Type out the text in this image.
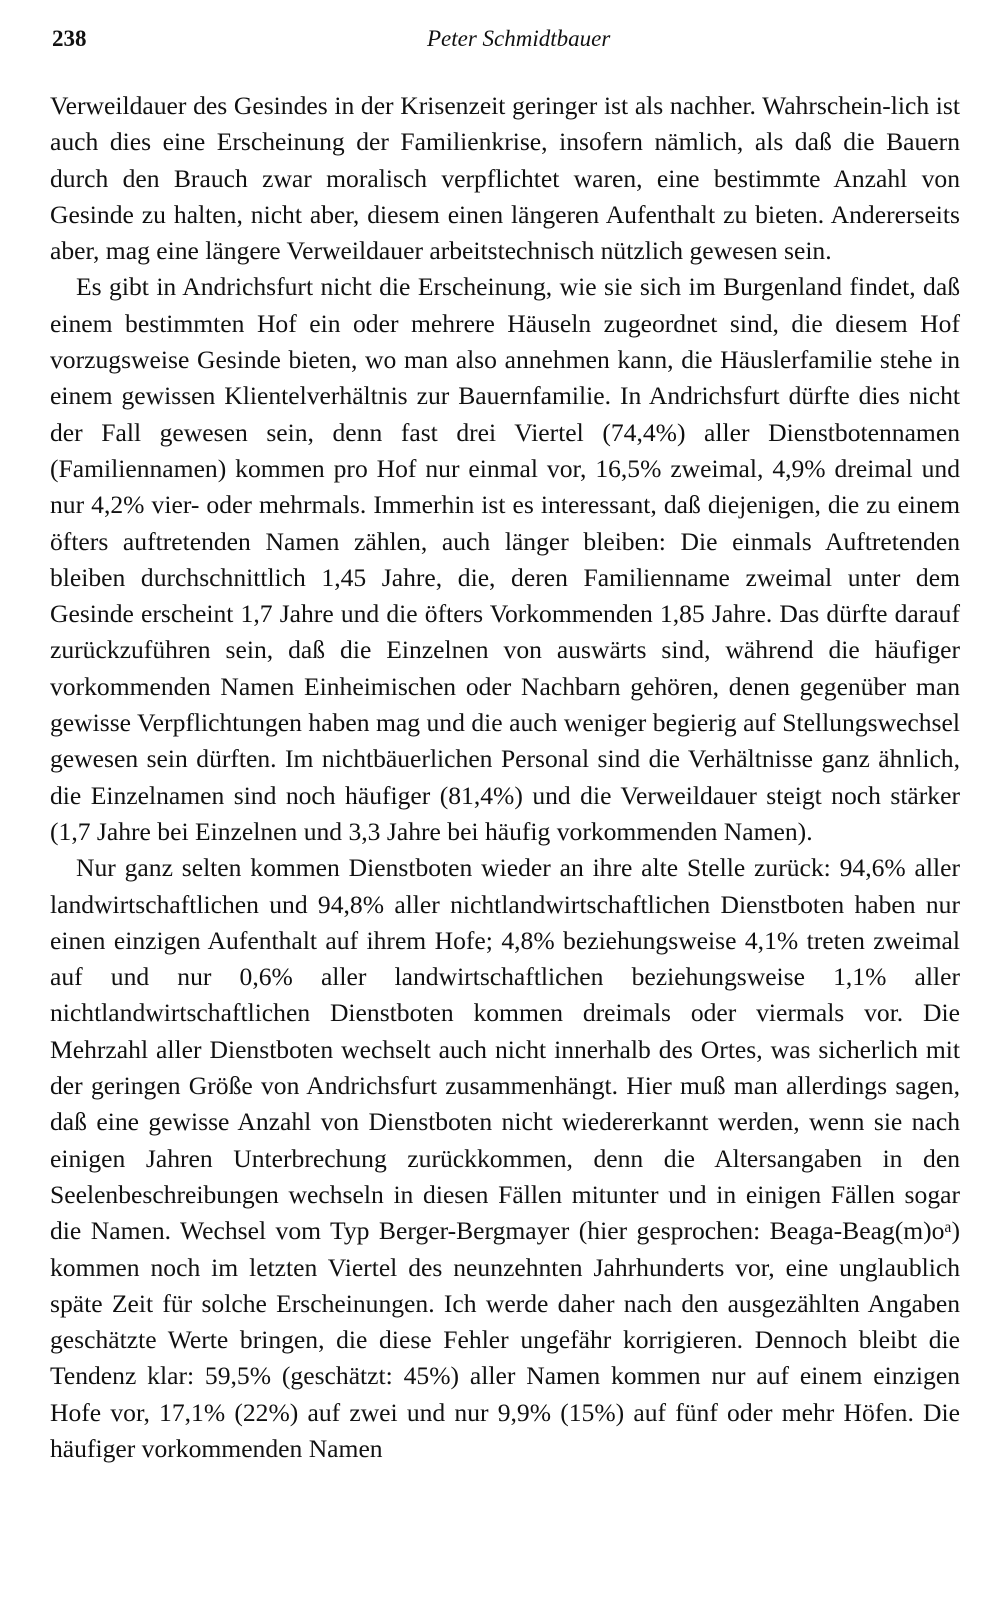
238	Peter Schmidtbauer

Verweildauer des Gesindes in der Krisenzeit geringer ist als nachher. Wahrschein-lich ist auch dies eine Erscheinung der Familienkrise, insofern nämlich, als daß die Bauern durch den Brauch zwar moralisch verpflichtet waren, eine bestimmte Anzahl von Gesinde zu halten, nicht aber, diesem einen längeren Aufenthalt zu bieten. Andererseits aber, mag eine längere Verweildauer arbeitstechnisch nützlich gewesen sein.

Es gibt in Andrichsfurt nicht die Erscheinung, wie sie sich im Burgenland findet, daß einem bestimmten Hof ein oder mehrere Häuseln zugeordnet sind, die diesem Hof vorzugsweise Gesinde bieten, wo man also annehmen kann, die Häuslerfamilie stehe in einem gewissen Klientelverhältnis zur Bauernfamilie. In Andrichsfurt dürfte dies nicht der Fall gewesen sein, denn fast drei Viertel (74,4%) aller Dienstbotennamen (Familiennamen) kommen pro Hof nur einmal vor, 16,5% zweimal, 4,9% dreimal und nur 4,2% vier- oder mehrmals. Immerhin ist es interessant, daß diejenigen, die zu einem öfters auftretenden Namen zählen, auch länger bleiben: Die einmals Auftretenden bleiben durchschnittlich 1,45 Jahre, die, deren Familienname zweimal unter dem Gesinde erscheint 1,7 Jahre und die öfters Vorkommenden 1,85 Jahre. Das dürfte darauf zurückzuführen sein, daß die Einzelnen von auswärts sind, während die häufiger vorkommenden Namen Einheimischen oder Nachbarn gehören, denen gegenüber man gewisse Verpflichtungen haben mag und die auch weniger begierig auf Stellungswechsel gewesen sein dürften. Im nichtbäuerlichen Personal sind die Verhältnisse ganz ähnlich, die Einzelnamen sind noch häufiger (81,4%) und die Verweildauer steigt noch stärker (1,7 Jahre bei Einzelnen und 3,3 Jahre bei häufig vorkommenden Namen).

Nur ganz selten kommen Dienstboten wieder an ihre alte Stelle zurück: 94,6% aller landwirtschaftlichen und 94,8% aller nichtlandwirtschaftlichen Dienstboten haben nur einen einzigen Aufenthalt auf ihrem Hofe; 4,8% beziehungsweise 4,1% treten zweimal auf und nur 0,6% aller landwirtschaftlichen beziehungsweise 1,1% aller nichtlandwirtschaftlichen Dienstboten kommen dreimals oder viermals vor. Die Mehrzahl aller Dienstboten wechselt auch nicht innerhalb des Ortes, was sicherlich mit der geringen Größe von Andrichsfurt zusammenhängt. Hier muß man allerdings sagen, daß eine gewisse Anzahl von Dienstboten nicht wiedererkannt werden, wenn sie nach einigen Jahren Unterbrechung zurückkommen, denn die Altersangaben in den Seelenbeschreibungen wechseln in diesen Fällen mitunter und in einigen Fällen sogar die Namen. Wechsel vom Typ Berger-Bergmayer (hier gesprochen: Beaga-Beag(m)oᵃ) kommen noch im letzten Viertel des neunzehnten Jahrhunderts vor, eine unglaublich späte Zeit für solche Erscheinungen. Ich werde daher nach den ausgezählten Angaben geschätzte Werte bringen, die diese Fehler ungefähr korrigieren. Dennoch bleibt die Tendenz klar: 59,5% (geschätzt: 45%) aller Namen kommen nur auf einem einzigen Hofe vor, 17,1% (22%) auf zwei und nur 9,9% (15%) auf fünf oder mehr Höfen. Die häufiger vorkommenden Namen
